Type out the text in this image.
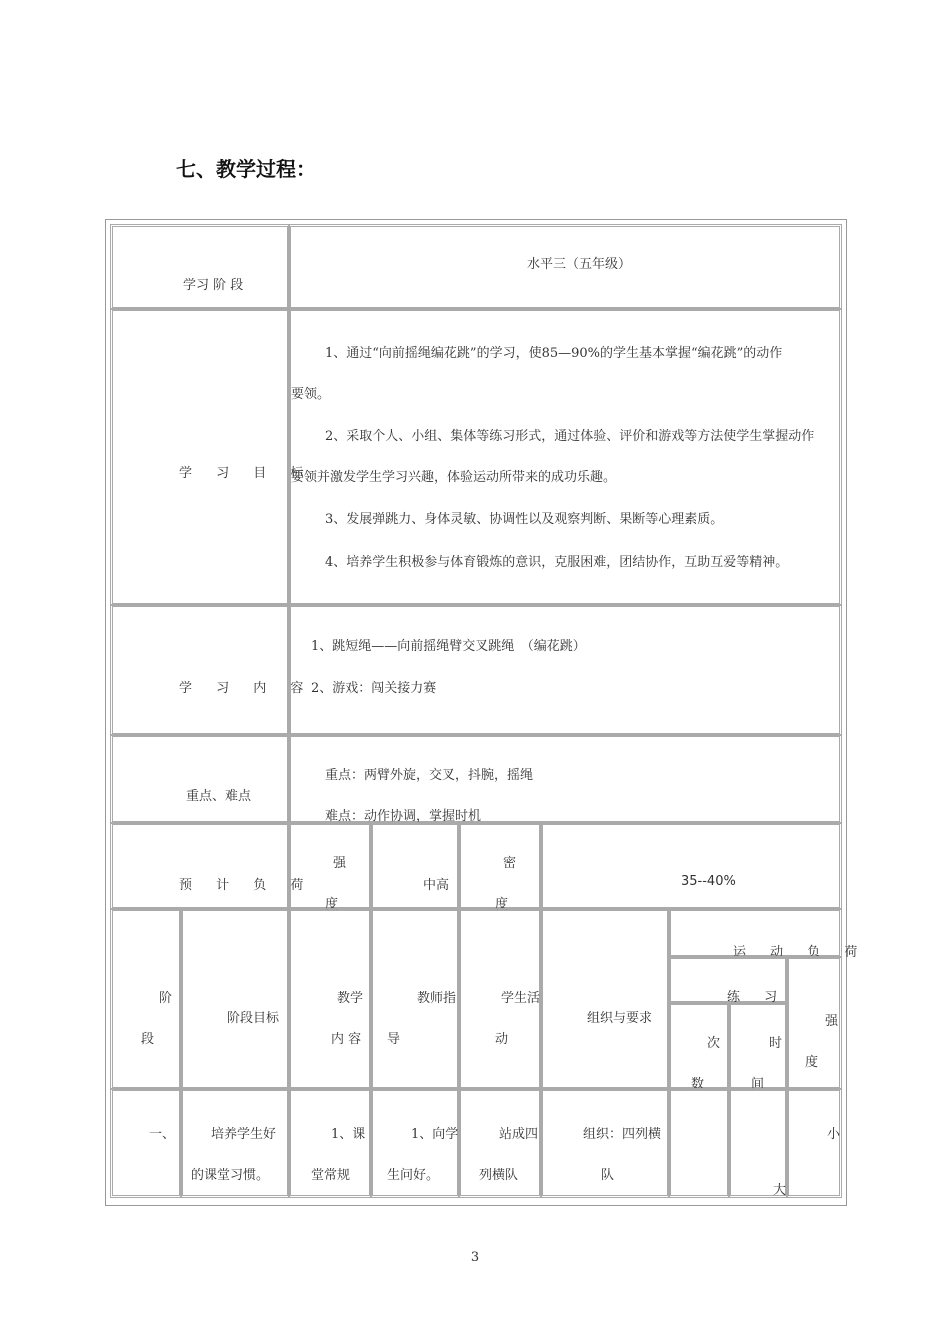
七、教学过程：
学习 阶 段
水平三（五年级）
学 习 目 标
1、通过“向前摇绳编花跳”的学习，使85—90%的学生基本掌握“编花跳”的动作
要领。
2、采取个人、小组、集体等练习形式，通过体验、评价和游戏等方法使学生掌握动作
要领并激发学生学习兴趣，体验运动所带来的成功乐趣。
3、发展弹跳力、身体灵敏、协调性以及观察判断、果断等心理素质。
4、培养学生积极参与体育锻炼的意识，克服困难，团结协作，互助互爱等精神。
学 习 内 容
1、跳短绳——向前摇绳臂交叉跳绳　（编花跳）
2、游戏：闯关接力赛
重点、难点
重点：两臂外旋，交叉，抖腕，摇绳
难点：动作协调，掌握时机
预 计 负 荷
强
度
中高
密
度
35--40%
阶
段
阶段目标
教学
内 容
教师指
导
学生活
动
组织与要求
运 动 负 荷
练 习
次
数
时
间
强
度
一、	培养学生好
的课堂习惯。
1、课
堂常规
1、向学
生问好。
站成四
列横队
组织：四列横
队
大
小
3
